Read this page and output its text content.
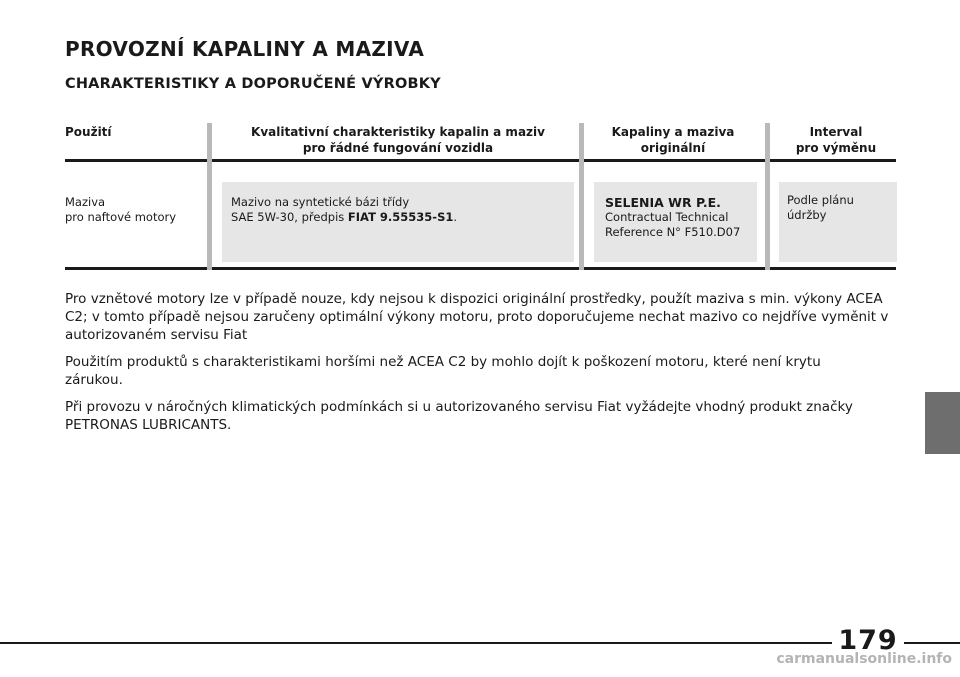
PROVOZNÍ KAPALINY A MAZIVA
CHARAKTERISTIKY A DOPORUČENÉ VÝROBKY
Použití	Kvalitativní charakteristiky kapalin a maziv
pro řádné fungování vozidla
Kapaliny a maziva
originální
Interval
pro výměnu
Maziva
pro naftové motory
Mazivo na syntetické bázi třídy
SAE 5W-30, předpis FIAT 9.55535-S1.
SELENIA WR P.E.
Contractual Technical
Reference N° F510.D07
Podle plánu
údržby
Pro vznětové motory lze v případě nouze, kdy nejsou k dispozici originální prostředky, použít maziva s min. výkony ACEA
C2; v tomto případě nejsou zaručeny optimální výkony motoru, proto doporučujeme nechat mazivo co nejdříve vyměnit v
autorizovaném servisu Fiat
Použitím produktů s charakteristikami horšími než ACEA C2 by mohlo dojít k poškození motoru, které není krytu
zárukou.
Při provozu v náročných klimatických podmínkách si u autorizovaného servisu Fiat vyžádejte vhodný produkt značky
PETRONAS LUBRICANTS.
179
carmanualsonline.info
